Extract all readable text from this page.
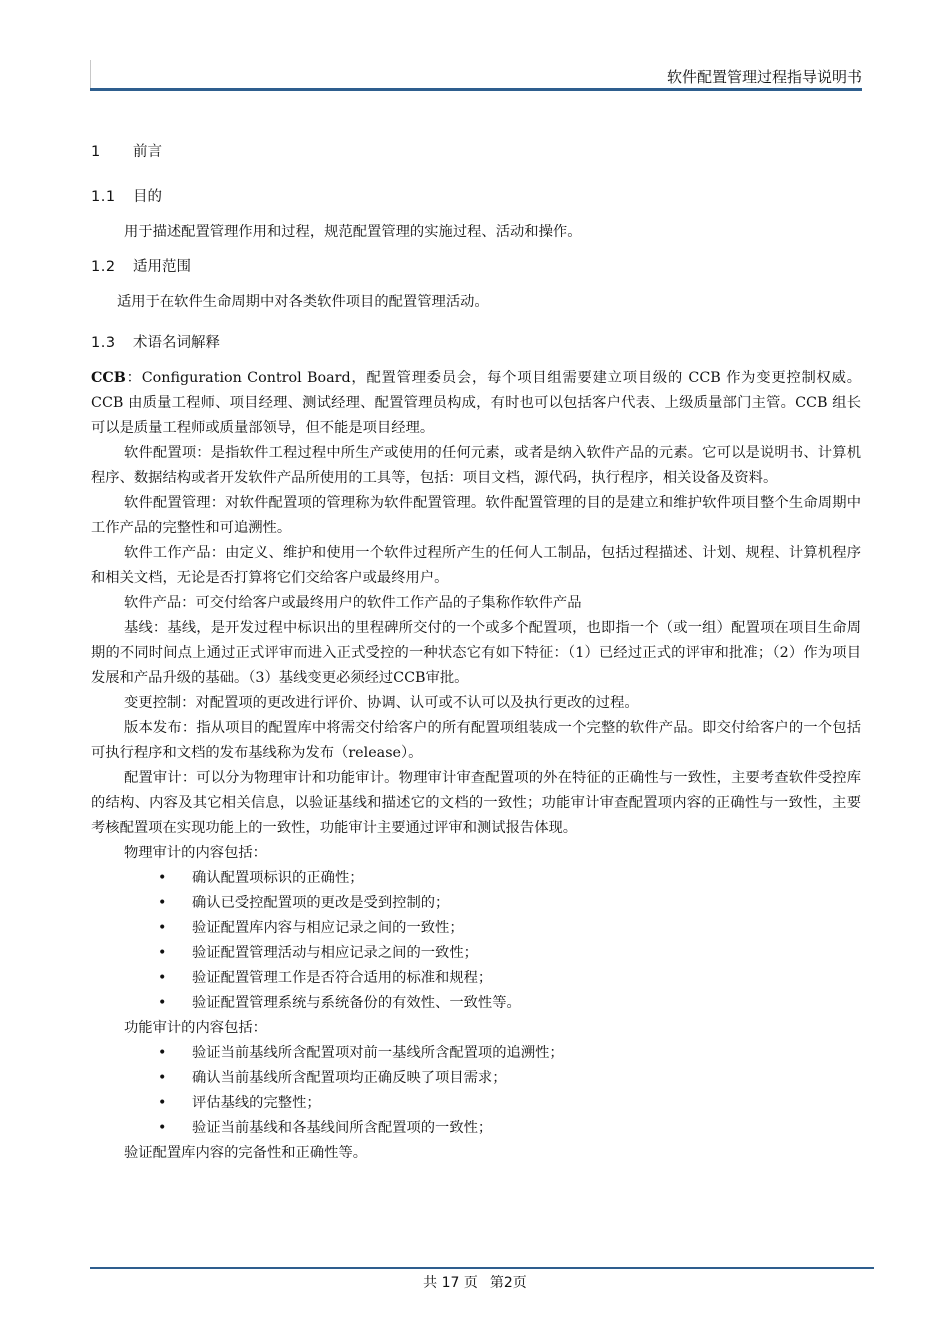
软件配置管理过程指导说明书
1	前言
1.1	目的

用于描述配置管理作用和过程，规范配置管理的实施过程、活动和操作。

1.2	适用范围

适用于在软件生命周期中对各类软件项目的配置管理活动。

1.3	术语名词解释

CCB：Configuration Control Board，配置管理委员会，每个项目组需要建立项目级的 CCB 作为变更控制权威。CCB 由质量工程师、项目经理、测试经理、配置管理员构成，有时也可以包括客户代表、上级质量部门主管。CCB 组长可以是质量工程师或质量部领导，但不能是项目经理。

软件配置项：是指软件工程过程中所生产或使用的任何元素，或者是纳入软件产品的元素。它可以是说明书、计算机程序、数据结构或者开发软件产品所使用的工具等，包括：项目文档，源代码，执行程序，相关设备及资料。

软件配置管理：对软件配置项的管理称为软件配置管理。软件配置管理的目的是建立和维护软件项目整个生命周期中工作产品的完整性和可追溯性。

软件工作产品：由定义、维护和使用一个软件过程所产生的任何人工制品，包括过程描述、计划、规程、计算机程序和相关文档，无论是否打算将它们交给客户或最终用户。

软件产品：可交付给客户或最终用户的软件工作产品的子集称作软件产品

基线：基线，是开发过程中标识出的里程碑所交付的一个或多个配置项，也即指一个（或一组）配置项在项目生命周期的不同时间点上通过正式评审而进入正式受控的一种状态它有如下特征：（1）已经过正式的评审和批准；（2）作为项目发展和产品升级的基础。（3）基线变更必须经过CCB审批。

变更控制：对配置项的更改进行评价、协调、认可或不认可以及执行更改的过程。

版本发布：指从项目的配置库中将需交付给客户的所有配置项组装成一个完整的软件产品。即交付给客户的一个包括可执行程序和文档的发布基线称为发布（release）。

配置审计：可以分为物理审计和功能审计。物理审计审查配置项的外在特征的正确性与一致性，主要考查软件受控库的结构、内容及其它相关信息，以验证基线和描述它的文档的一致性；功能审计审查配置项内容的正确性与一致性，主要考核配置项在实现功能上的一致性，功能审计主要通过评审和测试报告体现。

物理审计的内容包括：

• 确认配置项标识的正确性；
• 确认已受控配置项的更改是受到控制的；
• 验证配置库内容与相应记录之间的一致性；
• 验证配置管理活动与相应记录之间的一致性；
• 验证配置管理工作是否符合适用的标准和规程；
• 验证配置管理系统与系统备份的有效性、一致性等。

功能审计的内容包括：

• 验证当前基线所含配置项对前一基线所含配置项的追溯性；
• 确认当前基线所含配置项均正确反映了项目需求；
• 评估基线的完整性；
• 验证当前基线和各基线间所含配置项的一致性；

验证配置库内容的完备性和正确性等。

共 17 页 第2页
